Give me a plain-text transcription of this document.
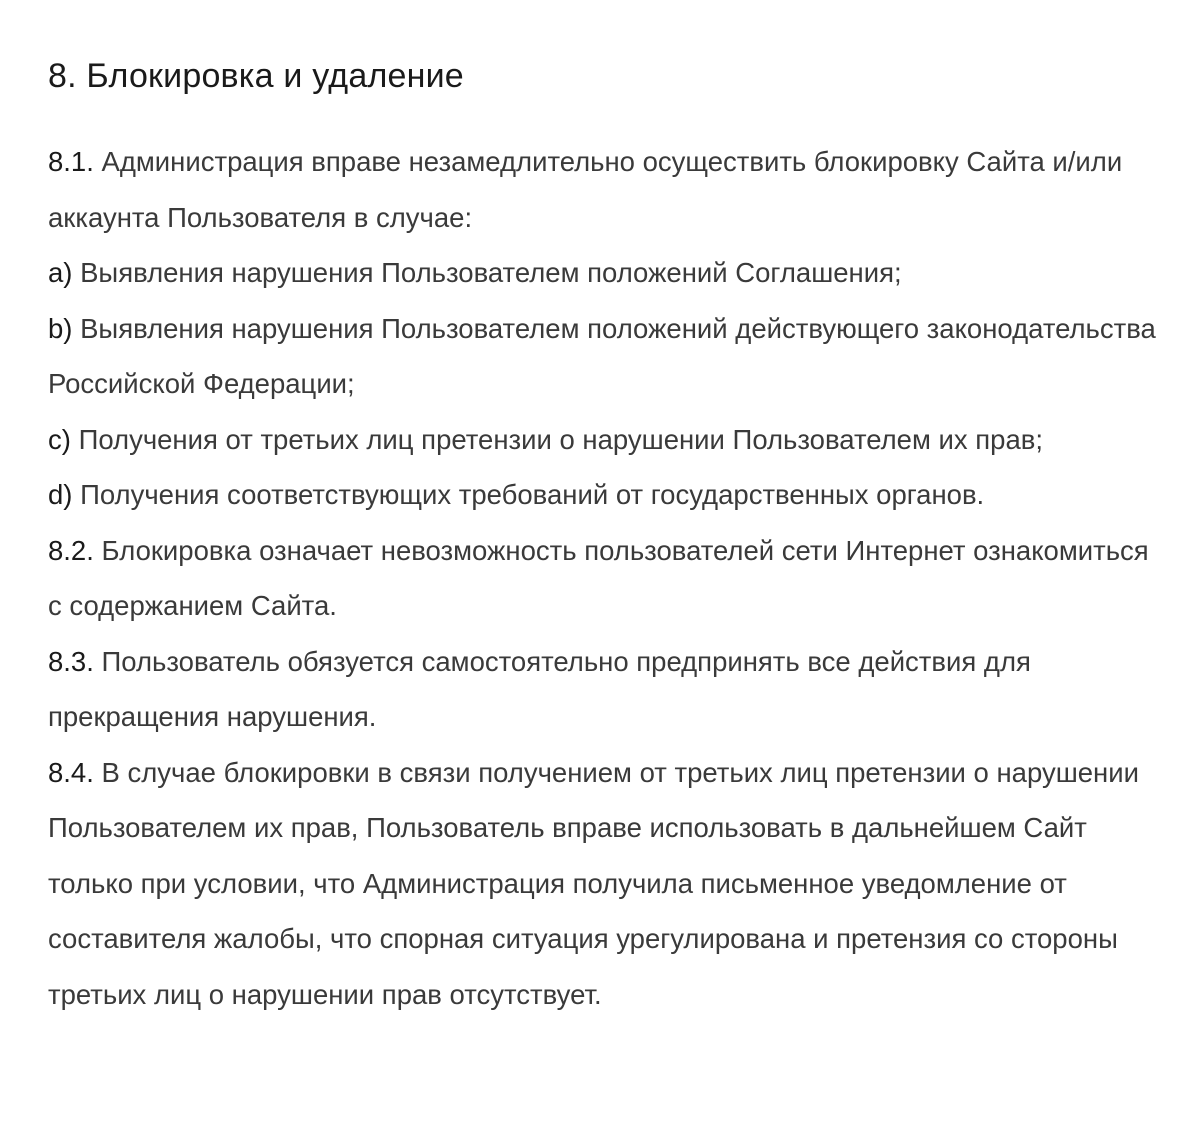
8. Блокировка и удаление

8.1. Администрация вправе незамедлительно осуществить блокировку Сайта и/или аккаунта Пользователя в случае:

a) Выявления нарушения Пользователем положений Соглашения;

b) Выявления нарушения Пользователем положений действующего законодательства Российской Федерации;

c) Получения от третьих лиц претензии о нарушении Пользователем их прав;

d) Получения соответствующих требований от государственных органов.

8.2. Блокировка означает невозможность пользователей сети Интернет ознакомиться с содержанием Сайта.

8.3. Пользователь обязуется самостоятельно предпринять все действия для прекращения нарушения.

8.4. В случае блокировки в связи получением от третьих лиц претензии о нарушении Пользователем их прав, Пользователь вправе использовать в дальнейшем Сайт только при условии, что Администрация получила письменное уведомление от составителя жалобы, что спорная ситуация урегулирована и претензия со стороны третьих лиц о нарушении прав отсутствует.
